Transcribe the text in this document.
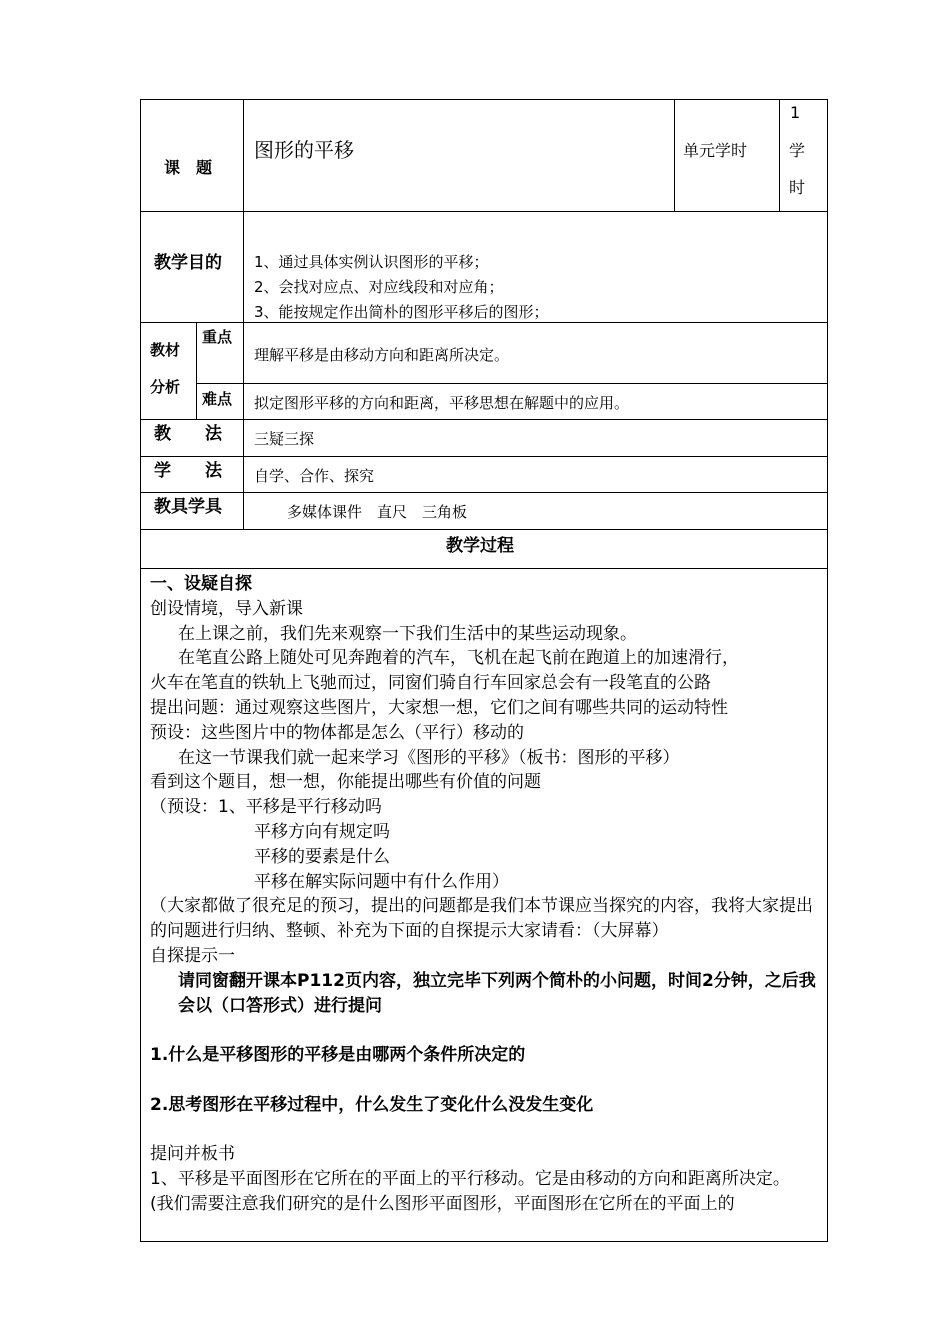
课　题
图形的平移	单元学时
1
学
时
教学目的 1、通过具体实例认识图形的平移；
2、会找对应点、对应线段和对应角；
3、能按规定作出简朴的图形平移后的图形；
教材
分析
重点
理解平移是由移动方向和距离所决定。
难点 拟定图形平移的方向和距离，平移思想在解题中的应用。
教　　法 三疑三探
学　　法 自学、合作、探究
教具学具	多媒体课件　直尺　三角板
教学过程

一、设疑自探

创设情境，导入新课

在上课之前，我们先来观察一下我们生活中的某些运动现象。

在笔直公路上随处可见奔跑着的汽车，飞机在起飞前在跑道上的加速滑行，

火车在笔直的铁轨上飞驰而过，同窗们骑自行车回家总会有一段笔直的公路

提出问题：通过观察这些图片，大家想一想，它们之间有哪些共同的运动特性

预设：这些图片中的物体都是怎么（平行）移动的

在这一节课我们就一起来学习《图形的平移》（板书：图形的平移）

看到这个题目，想一想，你能提出哪些有价值的问题

（预设：1、平移是平行移动吗

平移方向有规定吗

平移的要素是什么

平移在解实际问题中有什么作用）

（大家都做了很充足的预习，提出的问题都是我们本节课应当探究的内容，我将大家提出的问题进行归纳、整顿、补充为下面的自探提示大家请看：（大屏幕）

自探提示一

请同窗翻开课本P112页内容，独立完毕下列两个简朴的小问题，时间2分钟，之后我会以（口答形式）进行提问

1.什么是平移图形的平移是由哪两个条件所决定的

2.思考图形在平移过程中，什么发生了变化什么没发生变化

提问并板书

1、平移是平面图形在它所在的平面上的平行移动。它是由移动的方向和距离所决定。

(我们需要注意我们研究的是什么图形平面图形，平面图形在它所在的平面上的
